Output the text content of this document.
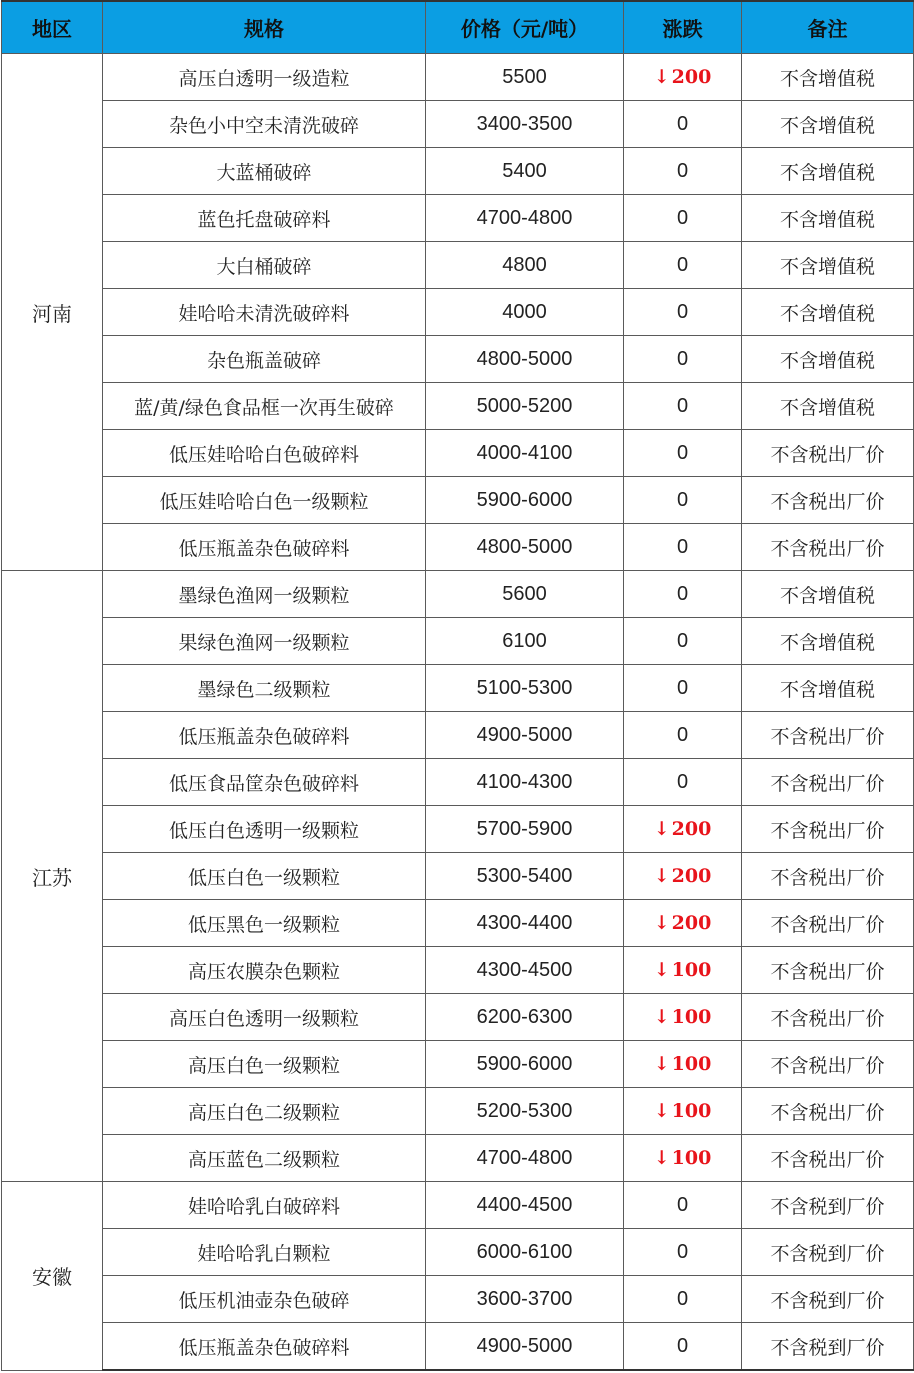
地区	规格	价格（元/吨）	涨跌	备注
河南	高压白透明一级造粒	5500	↓ 200	不含增值税
	杂色小中空未清洗破碎	3400-3500	0	不含增值税
	大蓝桶破碎	5400	0	不含增值税
	蓝色托盘破碎料	4700-4800	0	不含增值税
	大白桶破碎	4800	0	不含增值税
	娃哈哈未清洗破碎料	4000	0	不含增值税
	杂色瓶盖破碎	4800-5000	0	不含增值税
	蓝/黄/绿色食品框一次再生破碎	5000-5200	0	不含增值税
	低压娃哈哈白色破碎料	4000-4100	0	不含税出厂价
	低压娃哈哈白色一级颗粒	5900-6000	0	不含税出厂价
	低压瓶盖杂色破碎料	4800-5000	0	不含税出厂价
江苏	墨绿色渔网一级颗粒	5600	0	不含增值税
	果绿色渔网一级颗粒	6100	0	不含增值税
	墨绿色二级颗粒	5100-5300	0	不含增值税
	低压瓶盖杂色破碎料	4900-5000	0	不含税出厂价
	低压食品筐杂色破碎料	4100-4300	0	不含税出厂价
	低压白色透明一级颗粒	5700-5900	↓ 200	不含税出厂价
	低压白色一级颗粒	5300-5400	↓ 200	不含税出厂价
	低压黑色一级颗粒	4300-4400	↓ 200	不含税出厂价
	高压农膜杂色颗粒	4300-4500	↓ 100	不含税出厂价
	高压白色透明一级颗粒	6200-6300	↓ 100	不含税出厂价
	高压白色一级颗粒	5900-6000	↓ 100	不含税出厂价
	高压白色二级颗粒	5200-5300	↓ 100	不含税出厂价
	高压蓝色二级颗粒	4700-4800	↓ 100	不含税出厂价
安徽	娃哈哈乳白破碎料	4400-4500	0	不含税到厂价
	娃哈哈乳白颗粒	6000-6100	0	不含税到厂价
	低压机油壶杂色破碎	3600-3700	0	不含税到厂价
	低压瓶盖杂色破碎料	4900-5000	0	不含税到厂价
